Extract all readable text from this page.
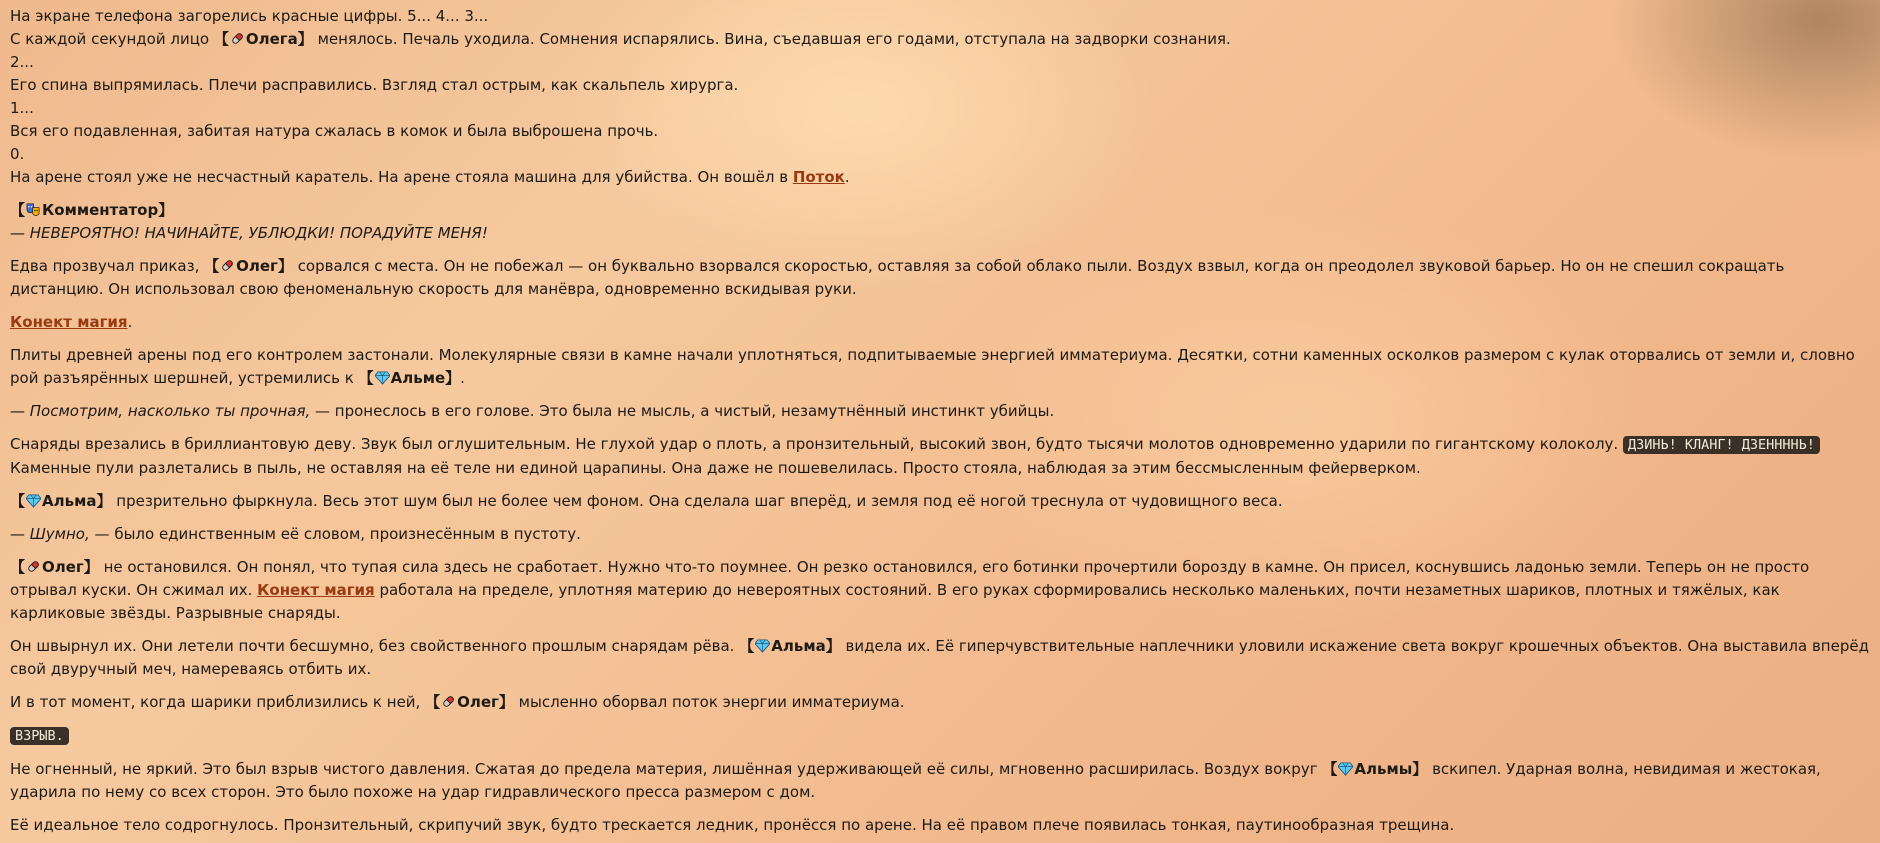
На экране телефона загорелись красные цифры. 5... 4... 3...

С каждой секундой лицо 【 Олега】 менялось. Печаль уходила. Сомнения испарялись. Вина, съедавшая его годами, отступала на задворки сознания.

2...

Его спина выпрямилась. Плечи расправились. Взгляд стал острым, как скальпель хирурга.

1...

Вся его подавленная, забитая натура сжалась в комок и была выброшена прочь.

0.

На арене стоял уже не несчастный каратель. На арене стояла машина для убийства. Он вошёл в Поток.

【 Комментатор】

— НЕВЕРОЯТНО! НАЧИНАЙТЕ, УБЛЮДКИ! ПОРАДУЙТЕ МЕНЯ!

Едва прозвучал приказ, 【 Олег】 сорвался с места. Он не побежал — он буквально взорвался скоростью, оставляя за собой облако пыли. Воздух взвыл, когда он преодолел звуковой барьер. Но он не спешил сокращать дистанцию. Он использовал свою феноменальную скорость для манёвра, одновременно вскидывая руки.

Конект магия.

Плиты древней арены под его контролем застонали. Молекулярные связи в камне начали уплотняться, подпитываемые энергией имматериума. Десятки, сотни каменных осколков размером с кулак оторвались от земли и, словно рой разъярённых шершней, устремились к 【 Альме】.

— Посмотрим, насколько ты прочная, — пронеслось в его голове. Это была не мысль, а чистый, незамутнённый инстинкт убийцы.

Снаряды врезались в бриллиантовую деву. Звук был оглушительным. Не глухой удар о плоть, а пронзительный, высокий звон, будто тысячи молотов одновременно ударили по гигантскому колоколу. ДЗИНЬ! КЛАНГ! ДЗЕННННЬ! Каменные пули разлетались в пыль, не оставляя на её теле ни единой царапины. Она даже не пошевелилась. Просто стояла, наблюдая за этим бессмысленным фейерверком.

【 Альма】 презрительно фыркнула. Весь этот шум был не более чем фоном. Она сделала шаг вперёд, и земля под её ногой треснула от чудовищного веса.

— Шумно, — было единственным её словом, произнесённым в пустоту.

【 Олег】 не остановился. Он понял, что тупая сила здесь не сработает. Нужно что-то поумнее. Он резко остановился, его ботинки прочертили борозду в камне. Он присел, коснувшись ладонью земли. Теперь он не просто отрывал куски. Он сжимал их. Конект магия работала на пределе, уплотняя материю до невероятных состояний. В его руках сформировались несколько маленьких, почти незаметных шариков, плотных и тяжёлых, как карликовые звёзды. Разрывные снаряды.

Он швырнул их. Они летели почти бесшумно, без свойственного прошлым снарядам рёва. 【 Альма】 видела их. Её гиперчувствительные наплечники уловили искажение света вокруг крошечных объектов. Она выставила вперёд свой двуручный меч, намереваясь отбить их.

И в тот момент, когда шарики приблизились к ней, 【 Олег】 мысленно оборвал поток энергии имматериума.

ВЗРЫВ.

Не огненный, не яркий. Это был взрыв чистого давления. Сжатая до предела материя, лишённая удерживающей её силы, мгновенно расширилась. Воздух вокруг 【 Альмы】 вскипел. Ударная волна, невидимая и жестокая, ударила по нему со всех сторон. Это было похоже на удар гидравлического пресса размером с дом.

Её идеальное тело содрогнулось. Пронзительный, скрипучий звук, будто трескается ледник, пронёсся по арене. На её правом плече появилась тонкая, паутинообразная трещина.
